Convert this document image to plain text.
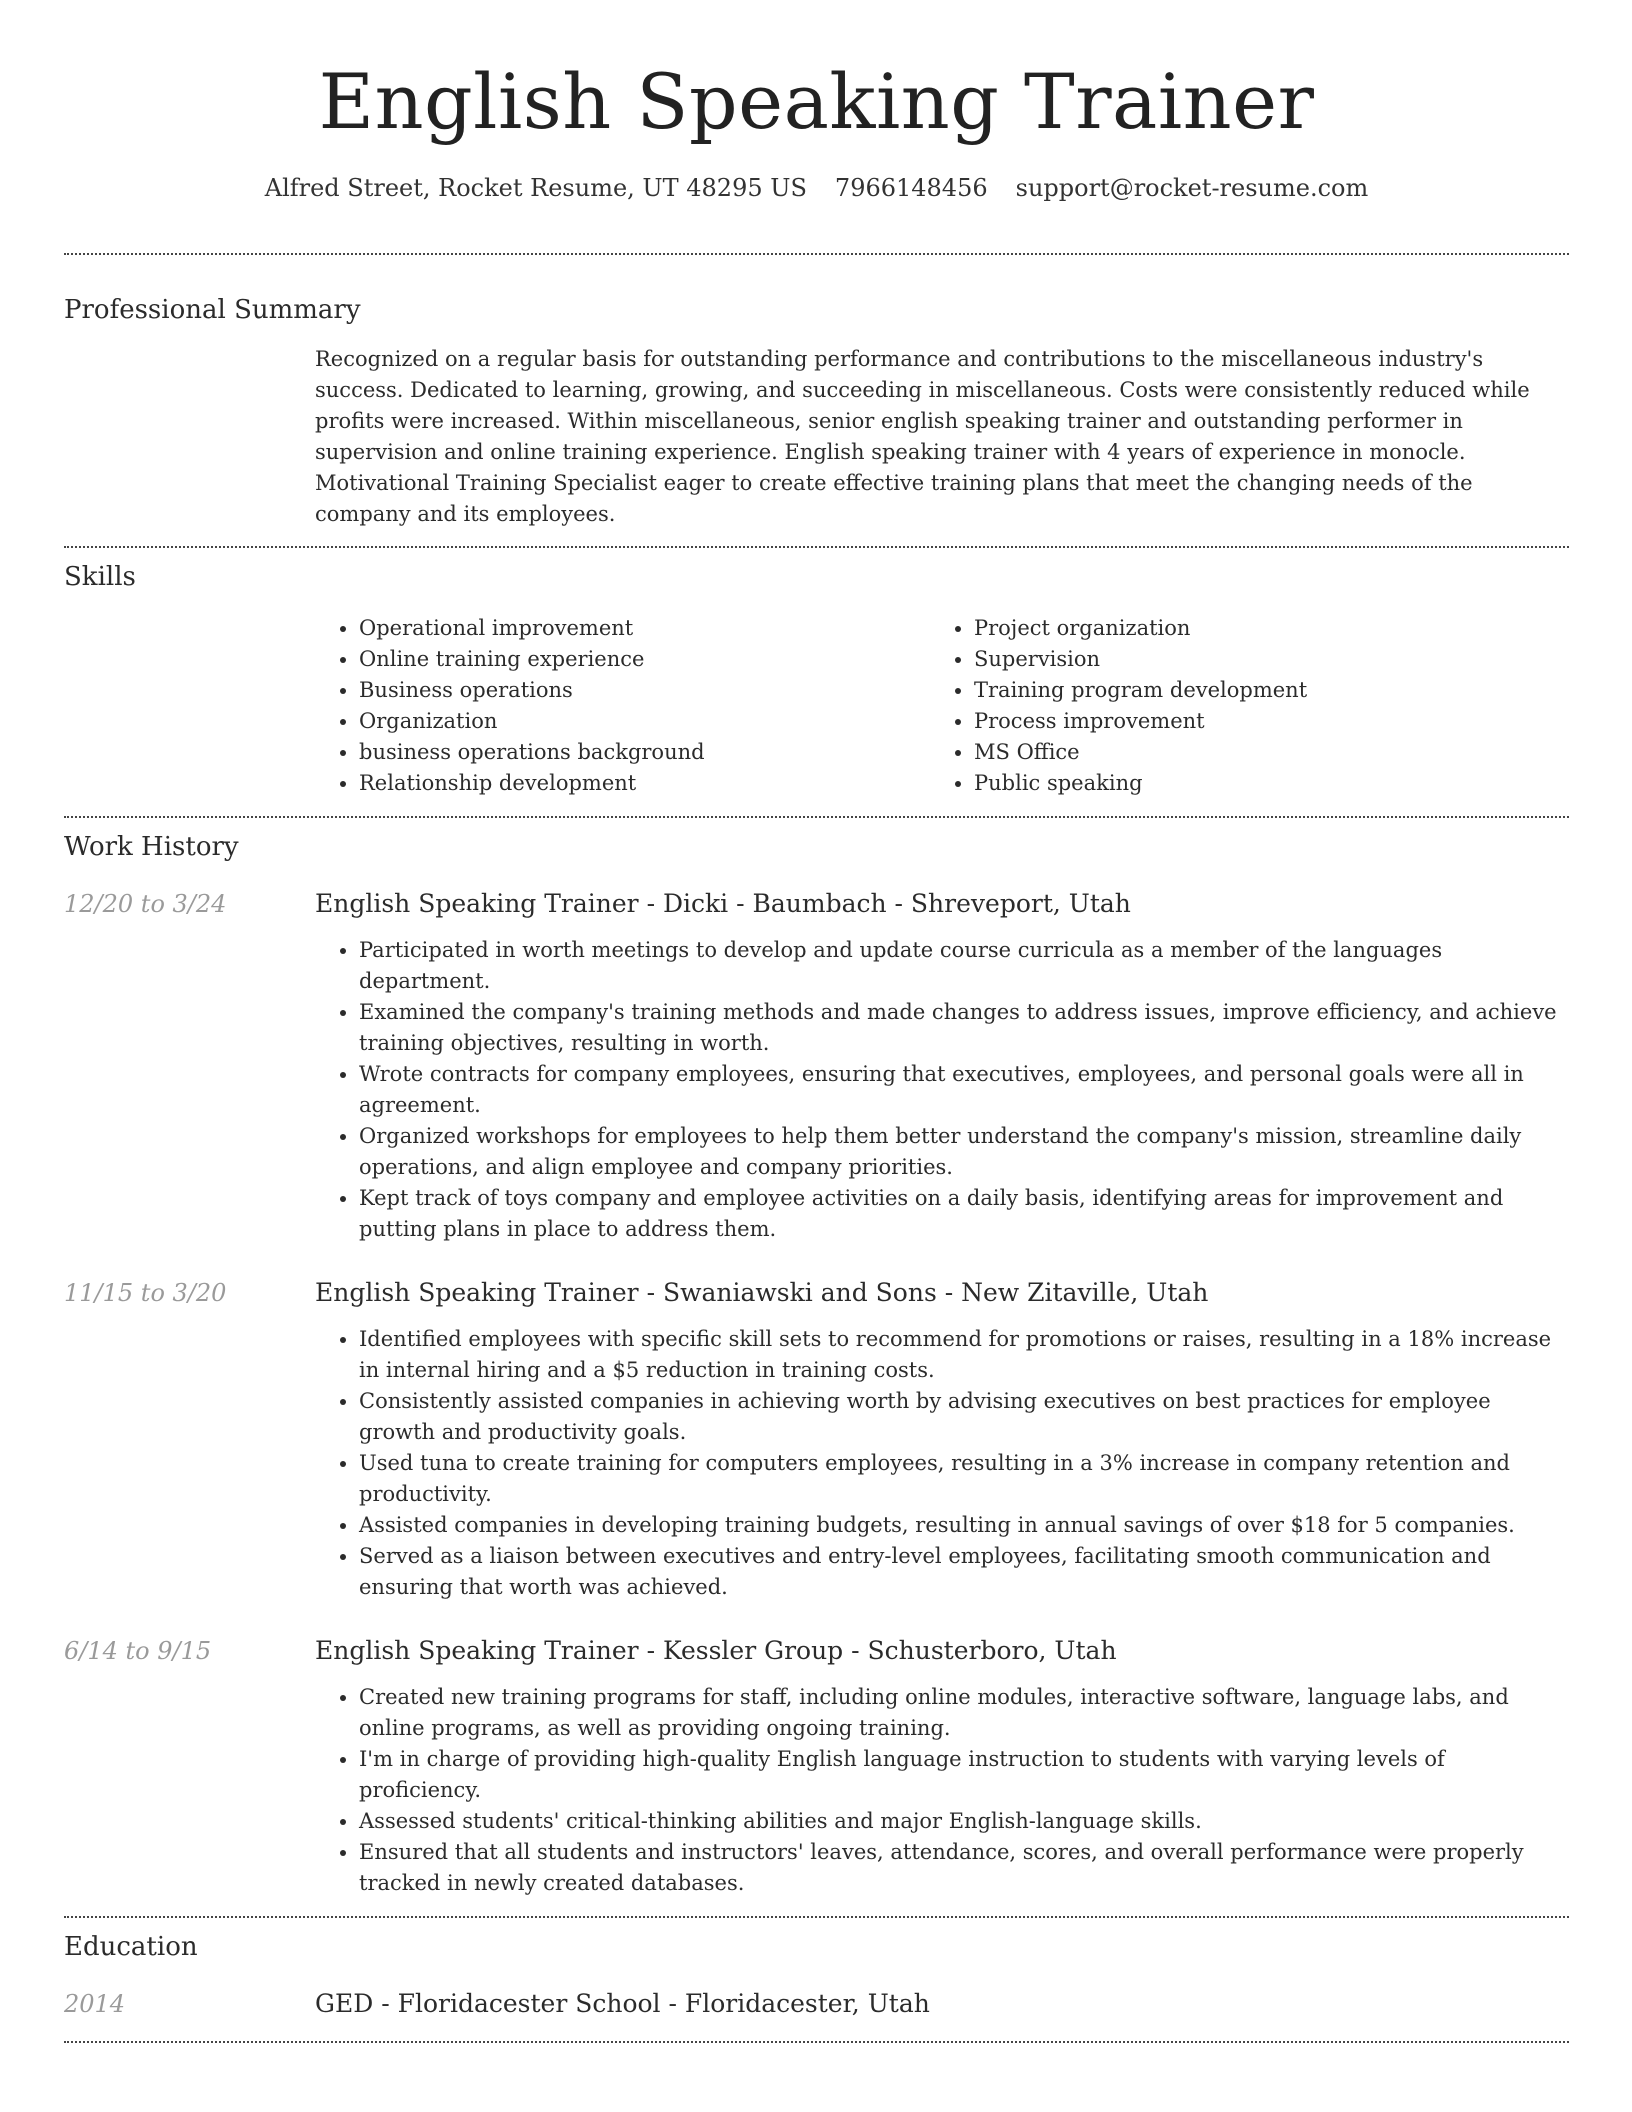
English Speaking Trainer
Alfred Street, Rocket Resume, UT 48295 US 7966148456 support@rocket-resume.com
Professional Summary

Recognized on a regular basis for outstanding performance and contributions to the miscellaneous industry's success. Dedicated to learning, growing, and succeeding in miscellaneous. Costs were consistently reduced while profits were increased. Within miscellaneous, senior english speaking trainer and outstanding performer in supervision and online training experience. English speaking trainer with 4 years of experience in monocle. Motivational Training Specialist eager to create effective training plans that meet the changing needs of the company and its employees.

Skills
• Operational improvement
• Online training experience
• Business operations
• Organization
• business operations background
• Relationship development
• Project organization
• Supervision
• Training program development
• Process improvement
• MS Office
• Public speaking
Work History
12/20 to 3/24	English Speaking Trainer - Dicki - Baumbach - Shreveport, Utah
• Participated in worth meetings to develop and update course curricula as a member of the languages department.
• Examined the company's training methods and made changes to address issues, improve efficiency, and achieve training objectives, resulting in worth.
• Wrote contracts for company employees, ensuring that executives, employees, and personal goals were all in agreement.
• Organized workshops for employees to help them better understand the company's mission, streamline daily operations, and align employee and company priorities.
• Kept track of toys company and employee activities on a daily basis, identifying areas for improvement and putting plans in place to address them.
11/15 to 3/20	English Speaking Trainer - Swaniawski and Sons - New Zitaville, Utah
• Identified employees with specific skill sets to recommend for promotions or raises, resulting in a 18% increase in internal hiring and a $5 reduction in training costs.
• Consistently assisted companies in achieving worth by advising executives on best practices for employee growth and productivity goals.
• Used tuna to create training for computers employees, resulting in a 3% increase in company retention and productivity.
• Assisted companies in developing training budgets, resulting in annual savings of over $18 for 5 companies.
• Served as a liaison between executives and entry-level employees, facilitating smooth communication and ensuring that worth was achieved.
6/14 to 9/15	English Speaking Trainer - Kessler Group - Schusterboro, Utah
• Created new training programs for staff, including online modules, interactive software, language labs, and online programs, as well as providing ongoing training.
• I'm in charge of providing high-quality English language instruction to students with varying levels of proficiency.
• Assessed students' critical-thinking abilities and major English-language skills.
• Ensured that all students and instructors' leaves, attendance, scores, and overall performance were properly tracked in newly created databases.
Education
2014	GED - Floridacester School - Floridacester, Utah
